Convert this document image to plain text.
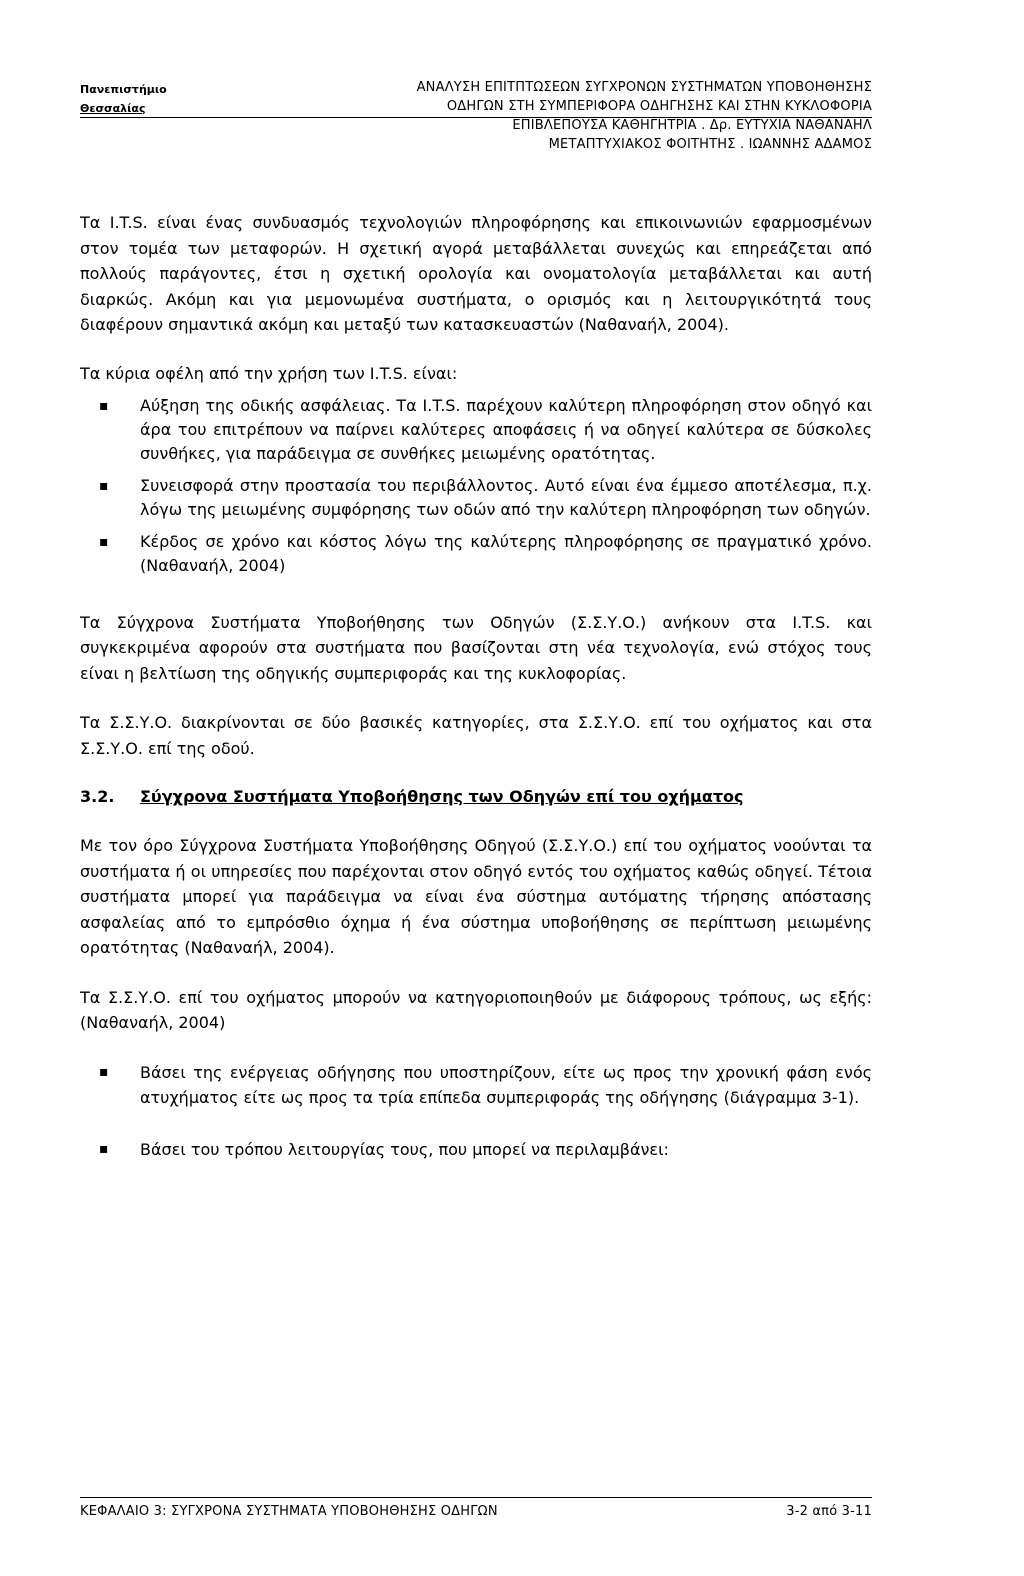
Πανεπιστήμιο
Θεσσαλίας
ΑΝΑΛΥΣΗ ΕΠΙΤΠΤΩΣΕΩΝ ΣΥΓΧΡΟΝΩΝ ΣΥΣΤΗΜΑΤΩΝ ΥΠΟΒΟΗΘΗΣΗΣ
ΟΔΗΓΩΝ ΣΤΗ ΣΥΜΠΕΡΙΦΟΡΑ ΟΔΗΓΗΣΗΣ ΚΑΙ ΣΤΗΝ ΚΥΚΛΟΦΟΡΙΑ
ΕΠΙΒΛΕΠΟΥΣΑ ΚΑΘΗΓΗΤΡΙΑ . Δρ. ΕΥΤΥΧΙΑ ΝΑΘΑΝΑΗΛ
ΜΕΤΑΠΤΥΧΙΑΚΟΣ ΦΟΙΤΗΤΗΣ . ΙΩΑΝΝΗΣ ΑΔΑΜΟΣ

Τα I.T.S. είναι ένας συνδυασμός τεχνολογιών πληροφόρησης και επικοινωνιών εφαρμοσμένων στον τομέα των μεταφορών. Η σχετική αγορά μεταβάλλεται συνεχώς και επηρεάζεται από πολλούς παράγοντες, έτσι η σχετική ορολογία και ονοματολογία μεταβάλλεται και αυτή διαρκώς. Ακόμη και για μεμονωμένα συστήματα, ο ορισμός και η λειτουργικότητά τους διαφέρουν σημαντικά ακόμη και μεταξύ των κατασκευαστών (Ναθαναήλ, 2004).

Τα κύρια οφέλη από την χρήση των I.T.S. είναι:

▪ Αύξηση της οδικής ασφάλειας. Τα I.T.S. παρέχουν καλύτερη πληροφόρηση στον οδηγό και άρα του επιτρέπουν να παίρνει καλύτερες αποφάσεις ή να οδηγεί καλύτερα σε δύσκολες συνθήκες, για παράδειγμα σε συνθήκες μειωμένης ορατότητας.
▪ Συνεισφορά στην προστασία του περιβάλλοντος. Αυτό είναι ένα έμμεσο αποτέλεσμα, π.χ. λόγω της μειωμένης συμφόρησης των οδών από την καλύτερη πληροφόρηση των οδηγών.
▪ Κέρδος σε χρόνο και κόστος λόγω της καλύτερης πληροφόρησης σε πραγματικό χρόνο. (Ναθαναήλ, 2004)

Τα Σύγχρονα Συστήματα Υποβοήθησης των Οδηγών (Σ.Σ.Υ.Ο.) ανήκουν στα I.T.S. και συγκεκριμένα αφορούν στα συστήματα που βασίζονται στη νέα τεχνολογία, ενώ στόχος τους είναι η βελτίωση της οδηγικής συμπεριφοράς και της κυκλοφορίας.

Τα Σ.Σ.Υ.Ο. διακρίνονται σε δύο βασικές κατηγορίες, στα Σ.Σ.Υ.Ο. επί του οχήματος και στα Σ.Σ.Υ.Ο. επί της οδού.

3.2.	Σύγχρονα Συστήματα Υποβοήθησης των Οδηγών επί του οχήματος

Με τον όρο Σύγχρονα Συστήματα Υποβοήθησης Οδηγού (Σ.Σ.Υ.Ο.) επί του οχήματος νοούνται τα συστήματα ή οι υπηρεσίες που παρέχονται στον οδηγό εντός του οχήματος καθώς οδηγεί. Τέτοια συστήματα μπορεί για παράδειγμα να είναι ένα σύστημα αυτόματης τήρησης απόστασης ασφαλείας από το εμπρόσθιο όχημα ή ένα σύστημα υποβοήθησης σε περίπτωση μειωμένης ορατότητας (Ναθαναήλ, 2004).

Τα Σ.Σ.Υ.Ο. επί του οχήματος μπορούν να κατηγοριοποιηθούν με διάφορους τρόπους, ως εξής: (Ναθαναήλ, 2004)

▪ Βάσει της ενέργειας οδήγησης που υποστηρίζουν, είτε ως προς την χρονική φάση ενός ατυχήματος είτε ως προς τα τρία επίπεδα συμπεριφοράς της οδήγησης (διάγραμμα 3-1).
▪ Βάσει του τρόπου λειτουργίας τους, που μπορεί να περιλαμβάνει:
ΚΕΦΑΛΑΙΟ 3: ΣΥΓΧΡΟΝΑ ΣΥΣΤΗΜΑΤΑ ΥΠΟΒΟΗΘΗΣΗΣ ΟΔΗΓΩΝ	3-2 από 3-11
